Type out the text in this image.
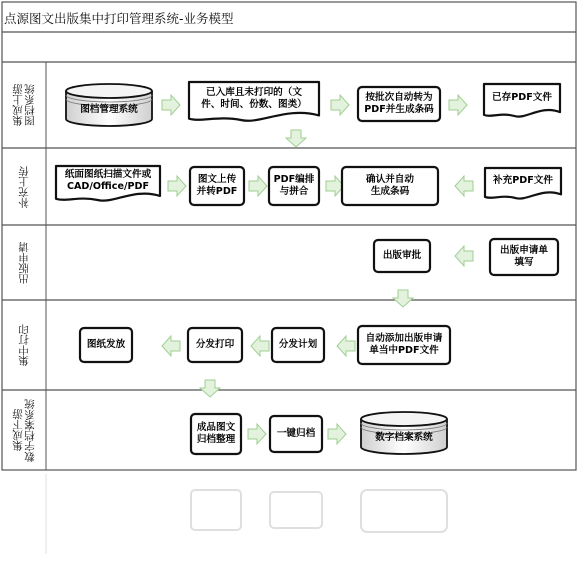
点源图文出版集中打印管理系统-业务模型
集成上游
图档系统
补充上传
出版申请
集中打印
集成下游
数字档案系统
图档管理系统
已入库且未打印的（文
件、时间、份数、图类）
按批次自动转为
PDF并生成条码
已存PDF文件
纸面图纸扫描文件或
CAD/Office/PDF
图文上传
并转PDF
PDF编排
与拼合
确认并自动
生成条码
补充PDF文件
出版审批	出版申请单
填写
图纸发放	分发打印	分发计划
自动添加出版申请
单当中PDF文件
成品图文
归档整理
一键归档	数字档案系统
